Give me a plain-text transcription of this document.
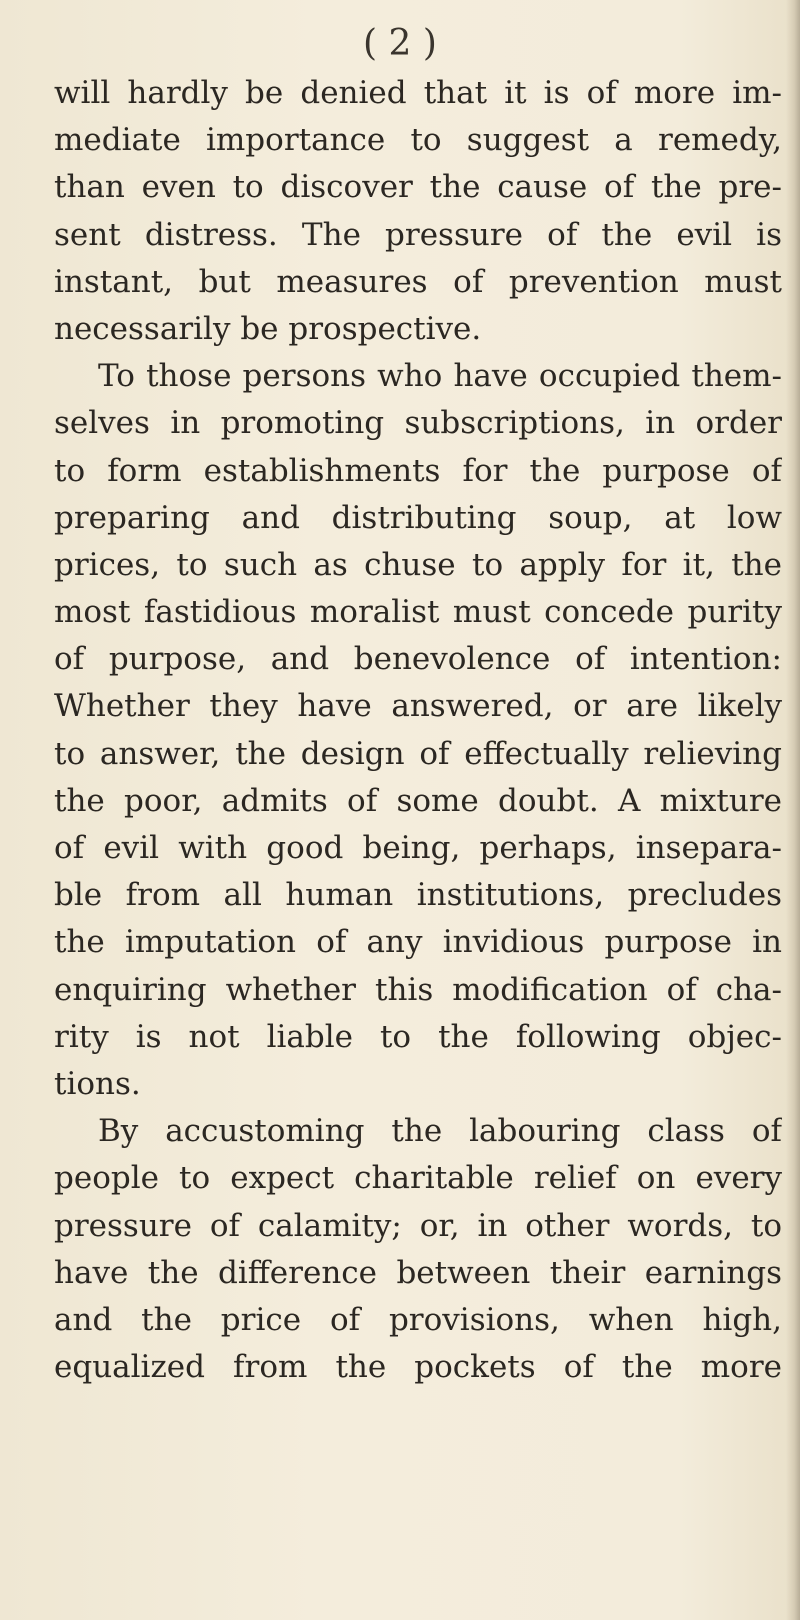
( 2 )
will hardly be denied that it is of more im-
mediate importance to suggest a remedy,
than even to discover the cause of the pre-
sent distress. The pressure of the evil is
instant, but measures of prevention must
necessarily be prospective.
To those persons who have occupied them-
selves in promoting subscriptions, in order
to form establishments for the purpose of
preparing and distributing soup, at low
prices, to such as chuse to apply for it, the
most fastidious moralist must concede purity
of purpose, and benevolence of intention:
Whether they have answered, or are likely
to answer, the design of effectually relieving
the poor, admits of some doubt. A mixture
of evil with good being, perhaps, insepara-
ble from all human institutions, precludes
the imputation of any invidious purpose in
enquiring whether this modification of cha-
rity is not liable to the following objec-
tions.
By accustoming the labouring class of
people to expect charitable relief on every
pressure of calamity; or, in other words, to
have the difference between their earnings
and the price of provisions, when high,
equalized from the pockets of the more
